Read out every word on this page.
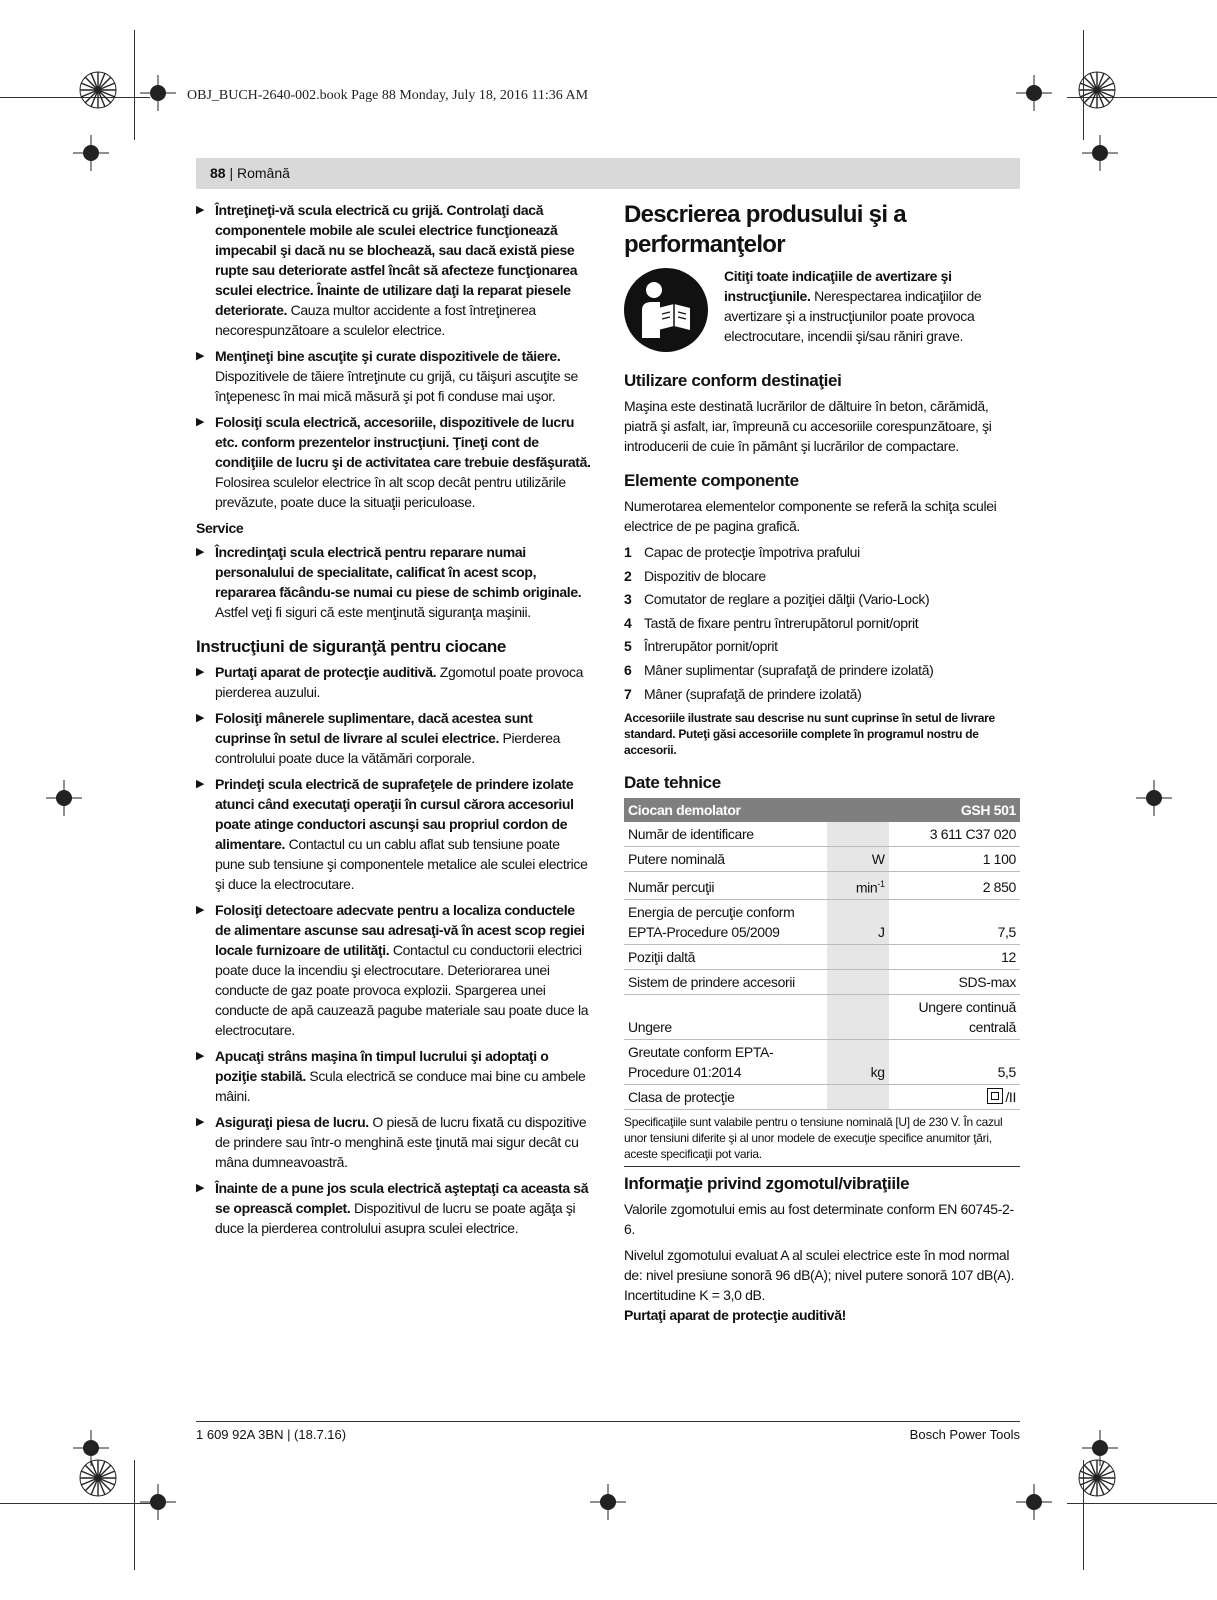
OBJ_BUCH-2640-002.book Page 88 Monday, July 18, 2016 11:36 AM
88 | Română
▶ Întreţineţi-vă scula electrică cu grijă. Controlaţi dacă componentele mobile ale sculei electrice funcţionează impecabil şi dacă nu se blochează, sau dacă există piese rupte sau deteriorate astfel încât să afecteze funcţionarea sculei electrice. Înainte de utilizare daţi la reparat piesele deteriorate. Cauza multor accidente a fost întreţinerea necorespunzătoare a sculelor electrice.
▶ Menţineţi bine ascuţite şi curate dispozitivele de tăiere. Dispozitivele de tăiere întreţinute cu grijă, cu tăişuri ascuţite se înţepenesc în mai mică măsură şi pot fi conduse mai uşor.
▶ Folosiţi scula electrică, accesoriile, dispozitivele de lucru etc. conform prezentelor instrucţiuni. Ţineţi cont de condiţiile de lucru şi de activitatea care trebuie desfăşurată. Folosirea sculelor electrice în alt scop decât pentru utilizările prevăzute, poate duce la situaţii periculoase.
Service
▶ Încredinţaţi scula electrică pentru reparare numai personalului de specialitate, calificat în acest scop, repararea făcându-se numai cu piese de schimb originale. Astfel veţi fi siguri că este menţinută siguranţa maşinii.
Instrucţiuni de siguranţă pentru ciocane
▶ Purtaţi aparat de protecţie auditivă. Zgomotul poate provoca pierderea auzului.
▶ Folosiţi mânerele suplimentare, dacă acestea sunt cuprinse în setul de livrare al sculei electrice. Pierderea controlului poate duce la vătămări corporale.
▶ Prindeţi scula electrică de suprafeţele de prindere izolate atunci când executaţi operaţii în cursul cărora accesoriul poate atinge conductori ascunşi sau propriul cordon de alimentare. Contactul cu un cablu aflat sub tensiune poate pune sub tensiune şi componentele metalice ale sculei electrice şi duce la electrocutare.
▶ Folosiţi detectoare adecvate pentru a localiza conductele de alimentare ascunse sau adresaţi-vă în acest scop regiei locale furnizoare de utilităţi. Contactul cu conductorii electrici poate duce la incendiu şi electrocutare. Deteriorarea unei conducte de gaz poate provoca explozii. Spargerea unei conducte de apă cauzează pagube materiale sau poate duce la electrocutare.
▶ Apucaţi strâns maşina în timpul lucrului şi adoptaţi o poziţie stabilă. Scula electrică se conduce mai bine cu ambele mâini.
▶ Asiguraţi piesa de lucru. O piesă de lucru fixată cu dispozitive de prindere sau într-o menghină este ţinută mai sigur decât cu mâna dumneavoastră.
▶ Înainte de a pune jos scula electrică aşteptaţi ca aceasta să se oprească complet. Dispozitivul de lucru se poate agăţa şi duce la pierderea controlului asupra sculei electrice.
Descrierea produsului şi a performanţelor
Citiţi toate indicaţiile de avertizare şi instrucţiunile. Nerespectarea indicaţiilor de avertizare şi a instrucţiunilor poate provoca electrocutare, incendii şi/sau răniri grave.
Utilizare conform destinaţiei
Maşina este destinată lucrărilor de dăltuire în beton, cărămidă, piatră şi asfalt, iar, împreună cu accesoriile corespunzătoare, şi introducerii de cuie în pământ şi lucrărilor de compactare.
Elemente componente
Numerotarea elementelor componente se referă la schiţa sculei electrice de pe pagina grafică.
1 Capac de protecţie împotriva prafului
2 Dispozitiv de blocare
3 Comutator de reglare a poziţiei dălţii (Vario-Lock)
4 Tastă de fixare pentru întrerupătorul pornit/oprit
5 Întrerupător pornit/oprit
6 Mâner suplimentar (suprafaţă de prindere izolată)
7 Mâner (suprafaţă de prindere izolată)
Accesoriile ilustrate sau descrise nu sunt cuprinse în setul de livrare standard. Puteţi găsi accesoriile complete în programul nostru de accesorii.
Date tehnice
Ciocan demolator		GSH 501
Număr de identificare		3 611 C37 020
Putere nominală	W	1 100
Număr percuţii	$\min^{-1}$	2 850
Energia de percuţie conform EPTA-Procedure 05/2009	J	7,5
Poziţii daltă		12
Sistem de prindere accesorii		SDS-max
Ungere		Ungere continuă centrală
Greutate conform EPTA-Procedure 01:2014	kg	5,5
Clasa de protecţie		/II
Specificaţiile sunt valabile pentru o tensiune nominală [U] de 230 V. În cazul unor tensiuni diferite şi al unor modele de execuţie specifice anumitor ţări, aceste specificaţii pot varia.
Informaţie privind zgomotul/vibraţiile
Valorile zgomotului emis au fost determinate conform EN 60745-2-6.
Nivelul zgomotului evaluat A al sculei electrice este în mod normal de: nivel presiune sonoră 96 dB(A); nivel putere sonoră 107 dB(A). Incertitudine K = 3,0 dB.
Purtaţi aparat de protecţie auditivă!
1 609 92A 3BN | (18.7.16)	Bosch Power Tools
